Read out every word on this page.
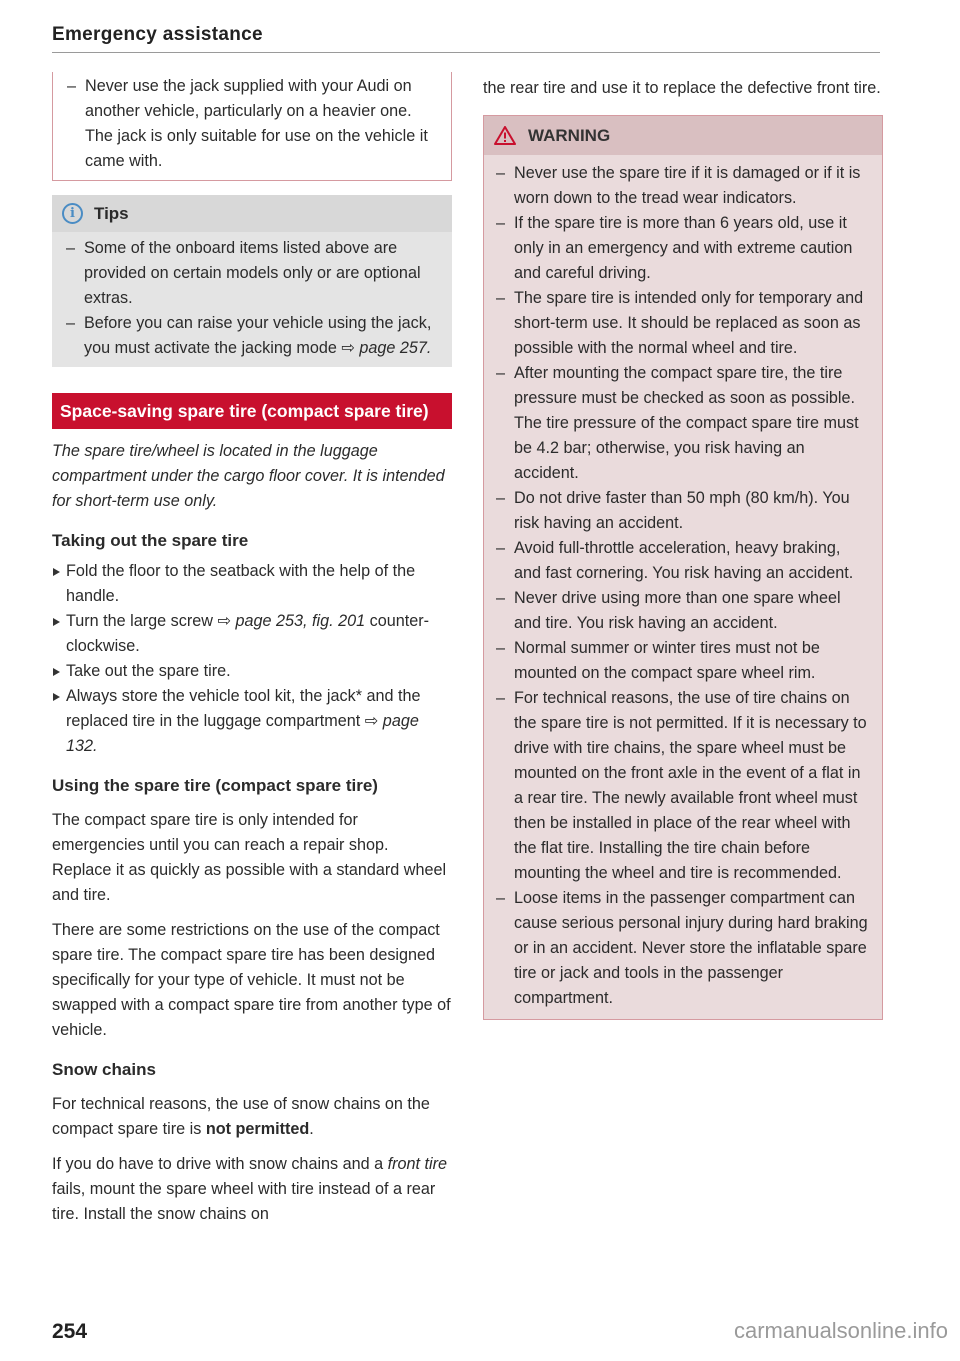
Emergency assistance
– Never use the jack supplied with your Audi on another vehicle, particularly on a heavier one. The jack is only suitable for use on the vehicle it came with.
i	Tips
– Some of the onboard items listed above are provided on certain models only or are optional extras.
– Before you can raise your vehicle using the jack, you must activate the jacking mode ⇨ page 257.
Space-saving spare tire (compact spare tire)
The spare tire/wheel is located in the luggage compartment under the cargo floor cover. It is intended for short-term use only.
Taking out the spare tire
Fold the floor to the seatback with the help of the handle.
Turn the large screw ⇨ page 253, fig. 201 counter-clockwise.
Take out the spare tire.
Always store the vehicle tool kit, the jack* and the replaced tire in the luggage compartment ⇨ page 132.
Using the spare tire (compact spare tire)

The compact spare tire is only intended for emergencies until you can reach a repair shop. Replace it as quickly as possible with a standard wheel and tire.

There are some restrictions on the use of the compact spare tire. The compact spare tire has been designed specifically for your type of vehicle. It must not be swapped with a compact spare tire from another type of vehicle.

Snow chains

For technical reasons, the use of snow chains on the compact spare tire is not permitted.

If you do have to drive with snow chains and a front tire fails, mount the spare wheel with tire instead of a rear tire. Install the snow chains on

254
the rear tire and use it to replace the defective front tire.
WARNING
– Never use the spare tire if it is damaged or if it is worn down to the tread wear indicators.
– If the spare tire is more than 6 years old, use it only in an emergency and with extreme caution and careful driving.
– The spare tire is intended only for temporary and short-term use. It should be replaced as soon as possible with the normal wheel and tire.
– After mounting the compact spare tire, the tire pressure must be checked as soon as possible. The tire pressure of the compact spare tire must be 4.2 bar; otherwise, you risk having an accident.
– Do not drive faster than 50 mph (80 km/h). You risk having an accident.
– Avoid full-throttle acceleration, heavy braking, and fast cornering. You risk having an accident.
– Never drive using more than one spare wheel and tire. You risk having an accident.
– Normal summer or winter tires must not be mounted on the compact spare wheel rim.
– For technical reasons, the use of tire chains on the spare tire is not permitted. If it is necessary to drive with tire chains, the spare wheel must be mounted on the front axle in the event of a flat in a rear tire. The newly available front wheel must then be installed in place of the rear wheel with the flat tire. Installing the tire chain before mounting the wheel and tire is recommended.
– Loose items in the passenger compartment can cause serious personal injury during hard braking or in an accident. Never store the inflatable spare tire or jack and tools in the passenger compartment.
carmanualsonline.info
